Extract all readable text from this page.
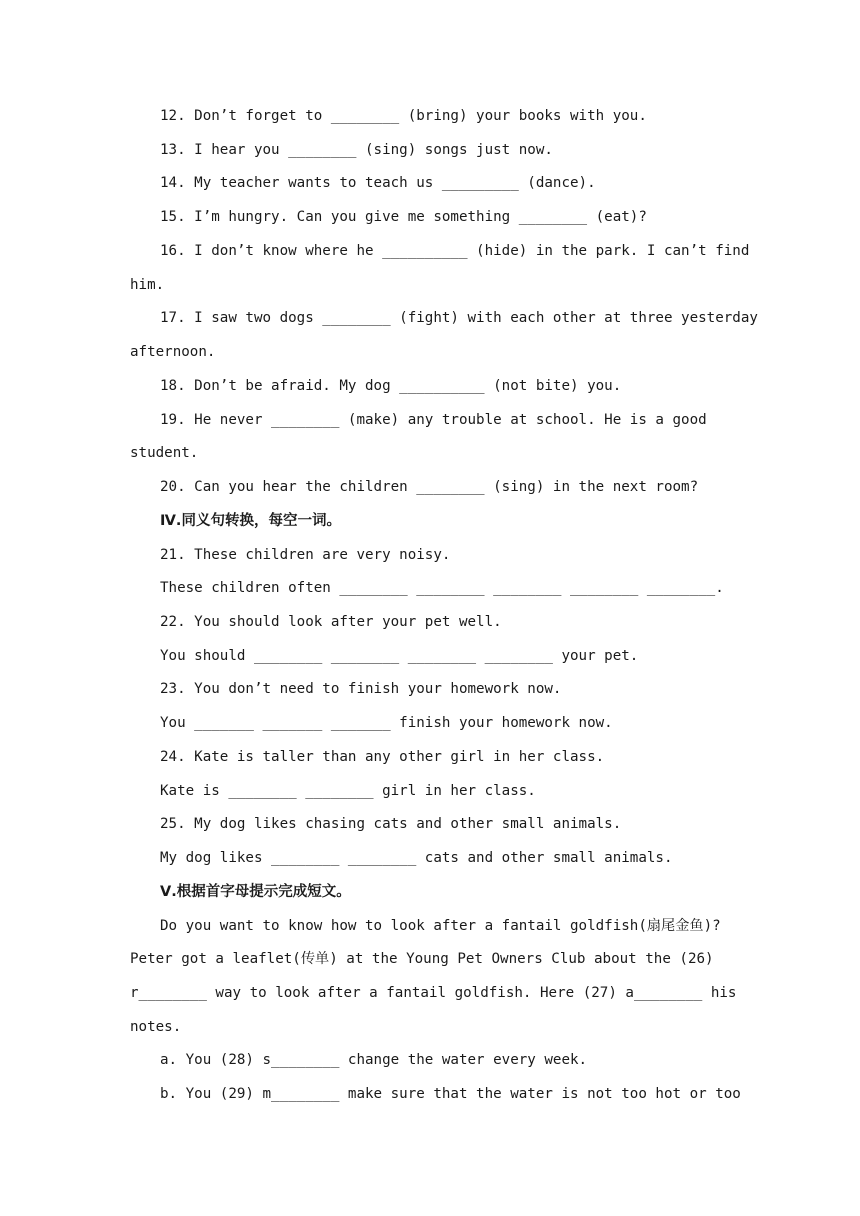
12. Don’t forget to ________ (bring) your books with you.
13. I hear you ________ (sing) songs just now.
14. My teacher wants to teach us _________ (dance).
15. I’m hungry. Can you give me something ________ (eat)?
16. I don’t know where he __________ (hide) in the park. I can’t find
him.
17. I saw two dogs ________ (fight) with each other at three yesterday
afternoon.
18. Don’t be afraid. My dog __________ (not bite) you.
19. He never ________ (make) any trouble at school. He is a good
student.
20. Can you hear the children ________ (sing) in the next room?
Ⅳ.同义句转换，每空一词。
21. These children are very noisy.
These children often ________ ________ ________ ________ ________.
22. You should look after your pet well.
You should ________ ________ ________ ________ your pet.
23. You don’t need to finish your homework now.
You _______ _______ _______ finish your homework now.
24. Kate is taller than any other girl in her class.
Kate is ________ ________ girl in her class.
25. My dog likes chasing cats and other small animals.
My dog likes ________ ________ cats and other small animals.
Ⅴ.根据首字母提示完成短文。
Do you want to know how to look after a fantail goldfish(扇尾金鱼)?
Peter got a leaflet(传单) at the Young Pet Owners Club about the (26)
r________ way to look after a fantail goldfish. Here (27) a________ his
notes.
a. You (28) s________ change the water every week.
b. You (29) m________ make sure that the water is not too hot or too
